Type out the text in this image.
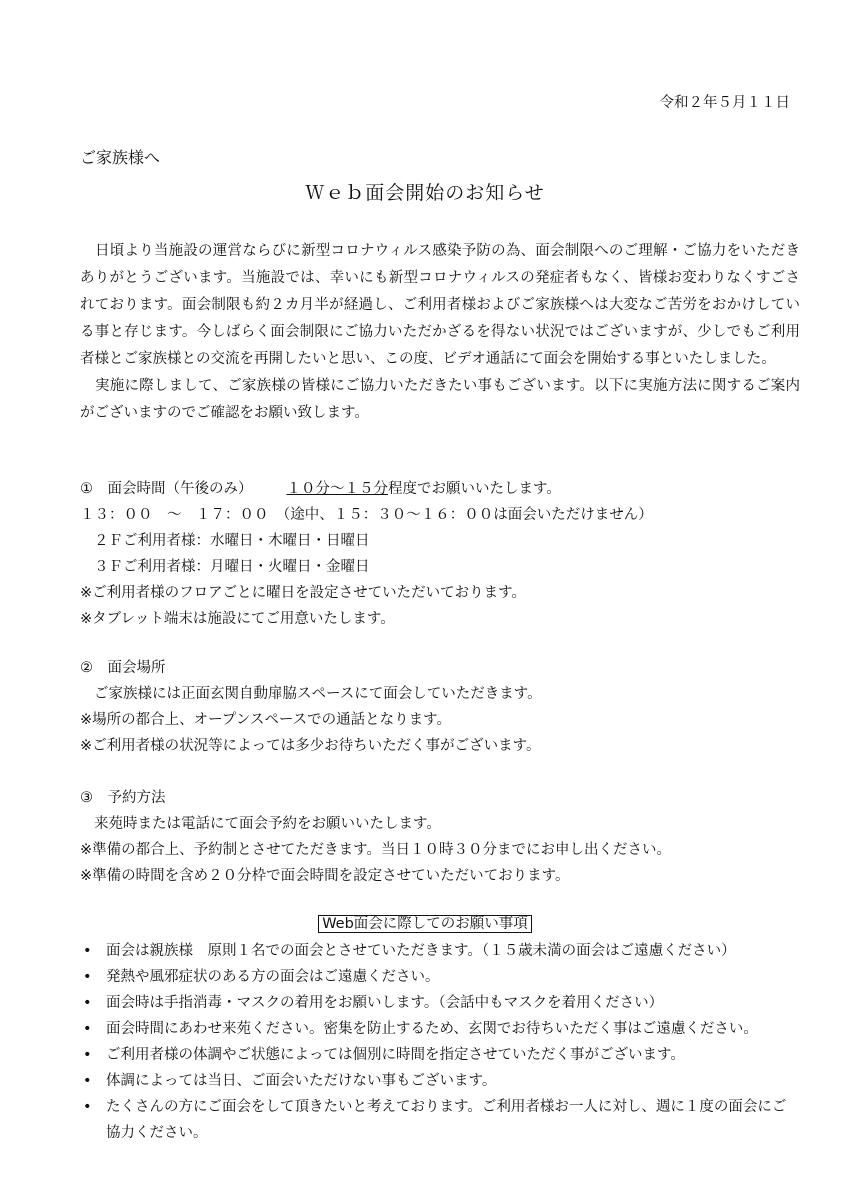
令和２年５月１１日
ご家族様へ
Ｗｅｂ面会開始のお知らせ

日頃より当施設の運営ならびに新型コロナウィルス感染予防の為、面会制限へのご理解・ご協力をいただきありがとうございます。当施設では、幸いにも新型コロナウィルスの発症者もなく、皆様お変わりなくすごされております。面会制限も約２カ月半が経過し、ご利用者様およびご家族様へは大変なご苦労をおかけしている事と存じます。今しばらく面会制限にご協力いただかざるを得ない状況ではございますが、少しでもご利用者様とご家族様との交流を再開したいと思い、この度、ビデオ通話にて面会を開始する事といたしました。

実施に際しまして、ご家族様の皆様にご協力いただきたい事もございます。以下に実施方法に関するご案内がございますのでご確認をお願い致します。

①　面会時間（午後のみ） １０分～１５分程度でお願いいたします。
１３：００　～　１７：００　（途中、１５：３０～１６：００は面会いただけません）
２Ｆご利用者様：水曜日・木曜日・日曜日
３Ｆご利用者様：月曜日・火曜日・金曜日
※ご利用者様のフロアごとに曜日を設定させていただいております。
※タブレット端末は施設にてご用意いたします。
②　面会場所
ご家族様には正面玄関自動扉脇スペースにて面会していただきます。
※場所の都合上、オープンスペースでの通話となります。
※ご利用者様の状況等によっては多少お待ちいただく事がございます。
③　予約方法
来苑時または電話にて面会予約をお願いいたします。
※準備の都合上、予約制とさせてただきます。当日１０時３０分までにお申し出ください。
※準備の時間を含め２０分枠で面会時間を設定させていただいております。
Web面会に際してのお願い事項
• 面会は親族様　原則１名での面会とさせていただきます。（１５歳未満の面会はご遠慮ください）
• 発熱や風邪症状のある方の面会はご遠慮ください。
• 面会時は手指消毒・マスクの着用をお願いします。（会話中もマスクを着用ください）
• 面会時間にあわせ来苑ください。密集を防止するため、玄関でお待ちいただく事はご遠慮ください。
• ご利用者様の体調やご状態によっては個別に時間を指定させていただく事がございます。
• 体調によっては当日、ご面会いただけない事もございます。
• たくさんの方にご面会をして頂きたいと考えております。ご利用者様お一人に対し、週に１度の面会にご協力ください。
